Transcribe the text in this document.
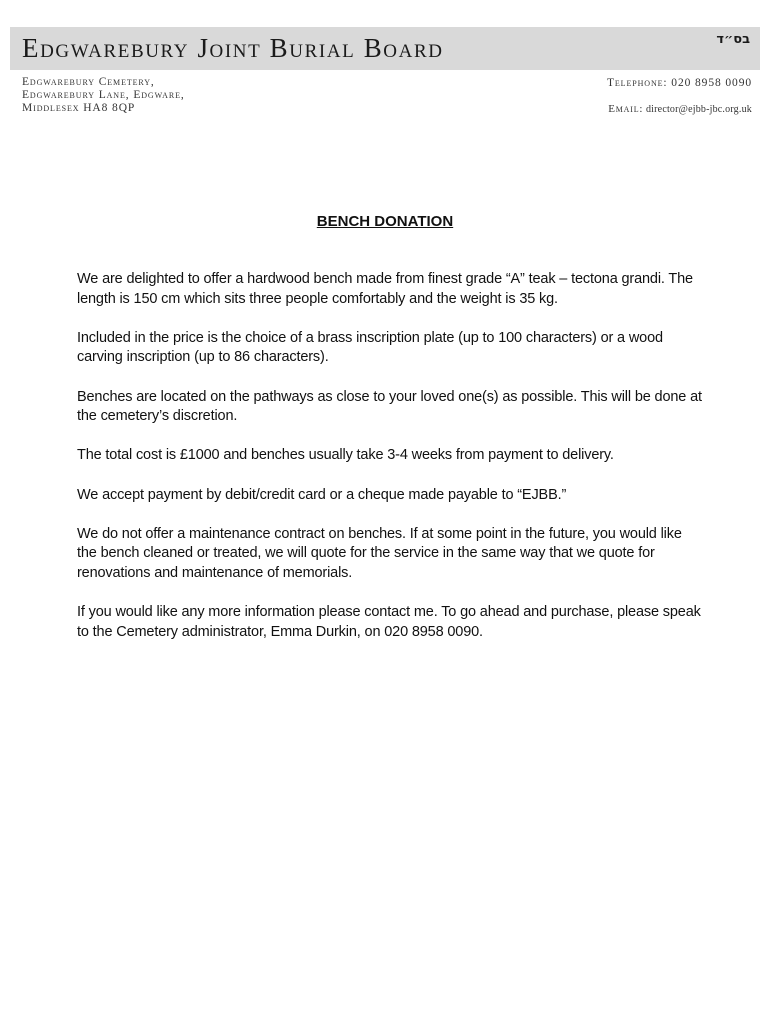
Edgwarebury Joint Burial Board	בס״ד
Edgwarebury Cemetery,
Edgwarebury Lane, Edgware,
Middlesex HA8 8QP
Telephone: 020 8958 0090
Email: director@ejbb-jbc.org.uk
BENCH DONATION

We are delighted to offer a hardwood bench made from finest grade “A” teak – tectona grandi. The length is 150 cm which sits three people comfortably and the weight is 35 kg.

Included in the price is the choice of a brass inscription plate (up to 100 characters) or a wood carving inscription (up to 86 characters).

Benches are located on the pathways as close to your loved one(s) as possible. This will be done at the cemetery’s discretion.

The total cost is £1000 and benches usually take 3-4 weeks from payment to delivery.

We accept payment by debit/credit card or a cheque made payable to “EJBB.”

We do not offer a maintenance contract on benches. If at some point in the future, you would like the bench cleaned or treated, we will quote for the service in the same way that we quote for renovations and maintenance of memorials.

If you would like any more information please contact me. To go ahead and purchase, please speak to the Cemetery administrator, Emma Durkin, on 020 8958 0090.
